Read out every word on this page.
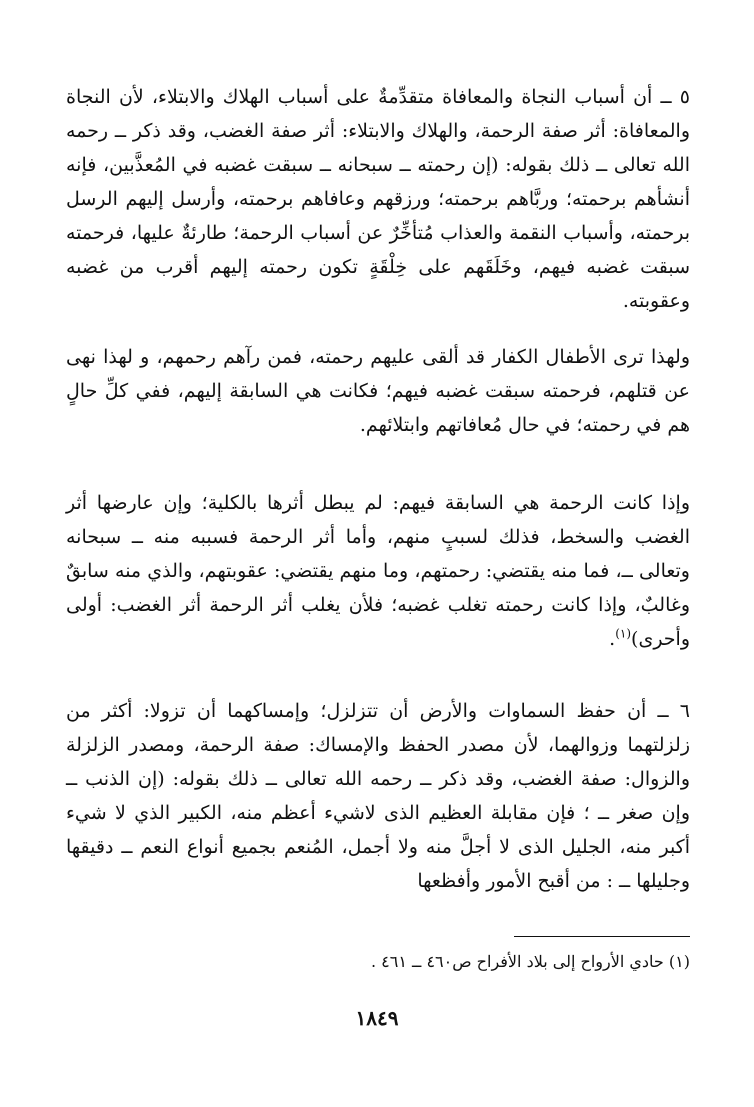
٥ ــ أن أسباب النجاة والمعافاة متقدِّمةٌ على أسباب الهلاك والابتلاء، لأن النجاة والمعافاة: أثر صفة الرحمة، والهلاك والابتلاء: أثر صفة الغضب، وقد ذكر ــ رحمه الله تعالى ــ ذلك بقوله: (إن رحمته ــ سبحانه ــ سبقت غضبه في المُعذَّبين، فإنه أنشأهم برحمته؛ وربَّاهم برحمته؛ ورزقهم وعافاهم برحمته، وأرسل إليهم الرسل برحمته، وأسباب النقمة والعذاب مُتأخِّرٌ عن أسباب الرحمة؛ طارئةٌ عليها، فرحمته سبقت غضبه فيهم، وخَلَقَهم على خِلْقَةٍ تكون رحمته إليهم أقرب من غضبه وعقوبته.

ولهذا ترى الأطفال الكفار قد ألقى عليهم رحمته، فمن رآهم رحمهم، و لهذا نهى عن قتلهم، فرحمته سبقت غضبه فيهم؛ فكانت هي السابقة إليهم، ففي كلِّ حالٍ هم في رحمته؛ في حال مُعافاتهم وابتلائهم.

وإذا كانت الرحمة هي السابقة فيهم: لم يبطل أثرها بالكلية؛ وإن عارضها أثر الغضب والسخط، فذلك لسببٍ منهم، وأما أثر الرحمة فسببه منه ــ سبحانه وتعالى ــ، فما منه يقتضي: رحمتهم، وما منهم يقتضي: عقوبتهم، والذي منه سابقٌ وغالبٌ، وإذا كانت رحمته تغلب غضبه؛ فلأن يغلب أثر الرحمة أثر الغضب: أولى وأحرى)$^{(١)}$.

٦ ــ أن حفظ السماوات والأرض أن تتزلزل؛ وإمساكهما أن تزولا: أكثر من زلزلتهما وزوالهما، لأن مصدر الحفظ والإمساك: صفة الرحمة، ومصدر الزلزلة والزوال: صفة الغضب، وقد ذكر ــ رحمه الله تعالى ــ ذلك بقوله: (إن الذنب ــ وإن صغر ــ ؛ فإن مقابلة العظيم الذى لاشيء أعظم منه، الكبير الذي لا شيء أكبر منه، الجليل الذى لا أجلَّ منه ولا أجمل، المُنعم بجميع أنواع النعم ــ دقيقها وجليلها ــ : من أقبح الأمور وأفظعها

(١) حادي الأرواح إلى بلاد الأفراح ص٤٦٠ ــ ٤٦١ .
١٨٤٩
